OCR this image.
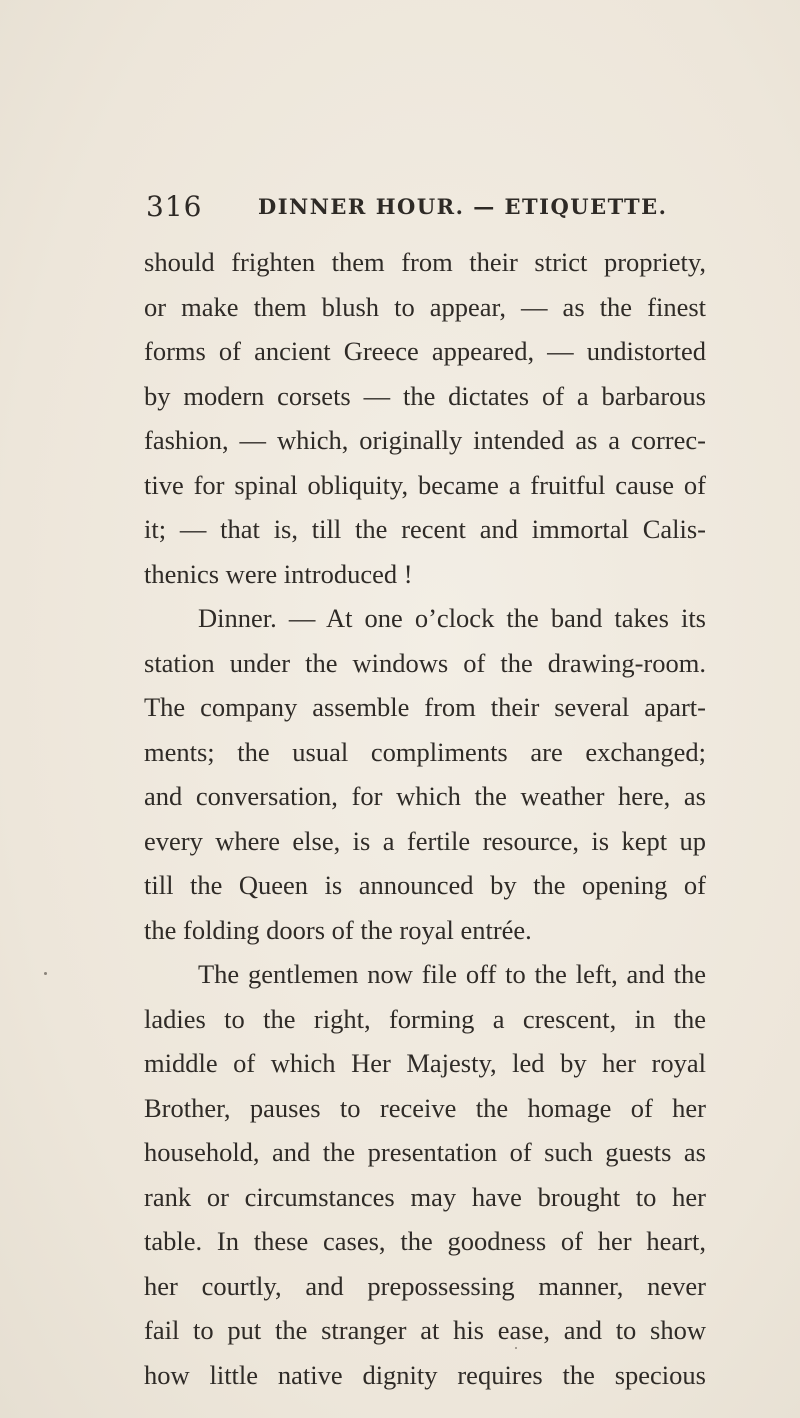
316	DINNER HOUR. — ETIQUETTE.
should frighten them from their strict propriety,
or make them blush to appear, — as the finest
forms of ancient Greece appeared, — undistorted
by modern corsets — the dictates of a barbarous
fashion, — which, originally intended as a correc-
tive for spinal obliquity, became a fruitful cause of
it; — that is, till the recent and immortal Calis-
thenics were introduced !
Dinner. — At one o’clock the band takes its
station under the windows of the drawing-room.
The company assemble from their several apart-
ments; the usual compliments are exchanged;
and conversation, for which the weather here, as
every where else, is a fertile resource, is kept up
till the Queen is announced by the opening of
the folding doors of the royal entrée.
The gentlemen now file off to the left, and the
ladies to the right, forming a crescent, in the
middle of which Her Majesty, led by her royal
Brother, pauses to receive the homage of her
household, and the presentation of such guests as
rank or circumstances may have brought to her
table. In these cases, the goodness of her heart,
her courtly, and prepossessing manner, never
fail to put the stranger at his ease, and to show
how little native dignity requires the specious
